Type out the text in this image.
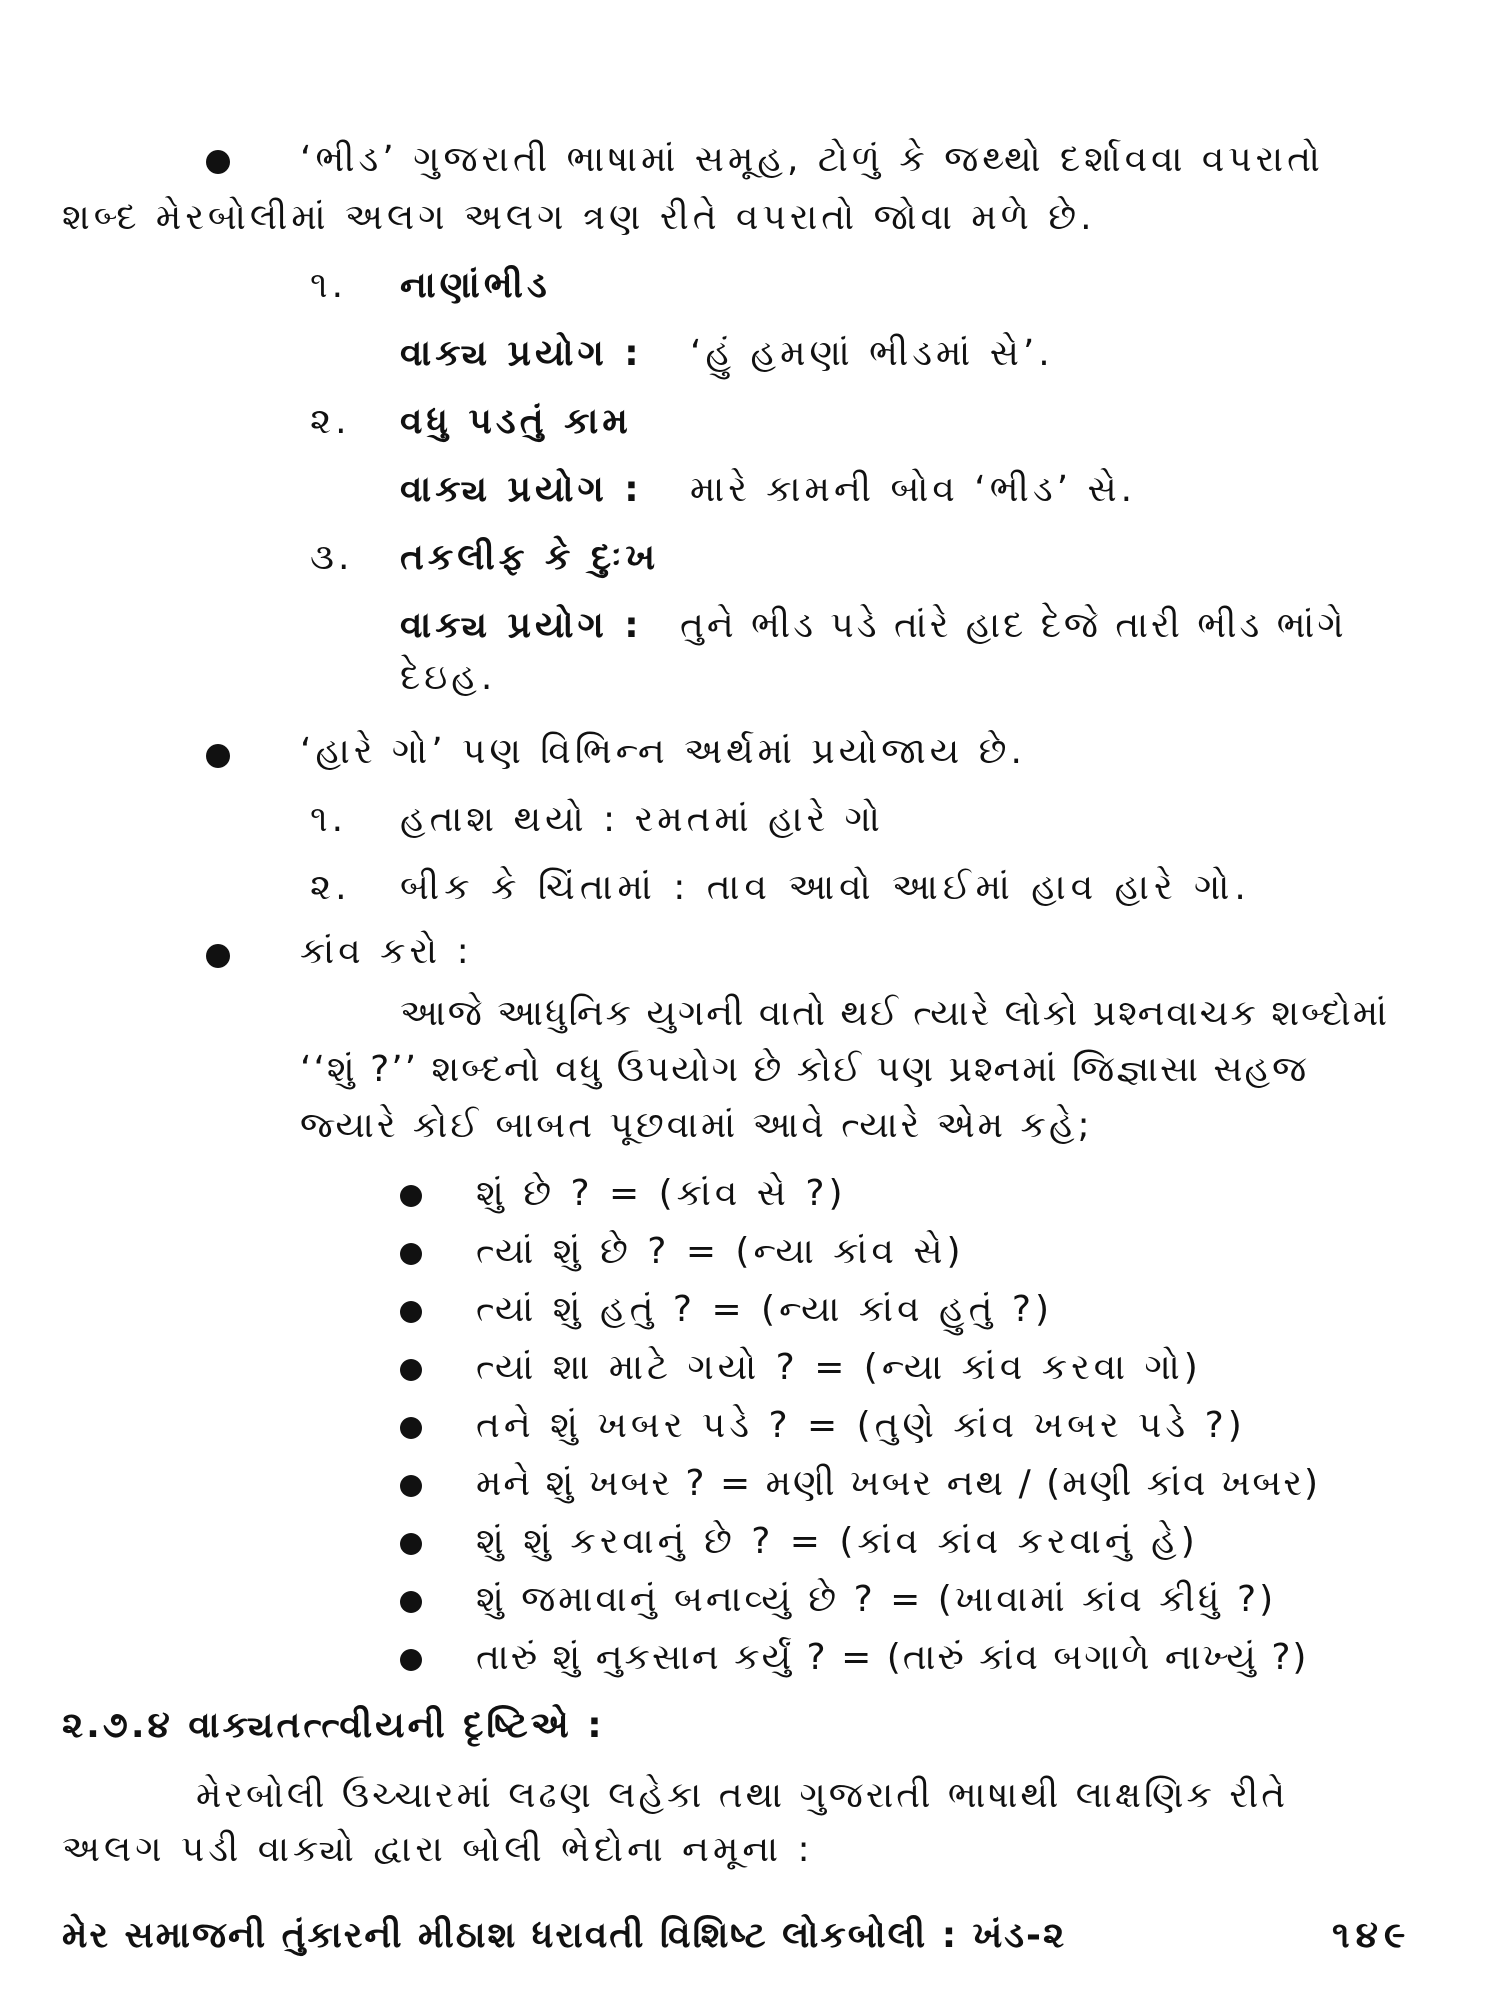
‘ભીડ’ ગુજરાતી ભાષામાં સમૂહ, ટોળું કે જથ્થો દર્શાવવા વપરાતો
શબ્દ મેરબોલીમાં અલગ અલગ ત્રણ રીતે વપરાતો જોવા મળે છે.
૧. નાણાંભીડ
વાક્ય પ્રયોગ : ‘હું હમણાં ભીડમાં સે’.
૨. વધુ પડતું કામ
વાક્ય પ્રયોગ : મારે કામની બોવ ‘ભીડ’ સે.
૩. તકલીફ કે દુઃખ
વાક્ય પ્રયોગ : તુને ભીડ પડે તાંરે હાદ દેજે તારી ભીડ ભાંગે
દેઇહ.
‘હારે ગો’ પણ વિભિન્ન અર્થમાં પ્રયોજાય છે.
૧. હતાશ થયો : રમતમાં હારે ગો
૨. બીક કે ચિંતામાં : તાવ આવો આઈમાં હાવ હારે ગો.
કાંવ કરો :
આજે આધુનિક યુગની વાતો થઈ ત્યારે લોકો પ્રશ્નવાચક શબ્દોમાં
‘‘શું ?’’ શબ્દનો વધુ ઉપયોગ છે કોઈ પણ પ્રશ્નમાં જિજ્ઞાસા સહજ
જ્યારે કોઈ બાબત પૂછવામાં આવે ત્યારે એમ કહે;
શું છે ? = (કાંવ સે ?)
ત્યાં શું છે ? = (ન્યા કાંવ સે)
ત્યાં શું હતું ? = (ન્યા કાંવ હુતું ?)
ત્યાં શા માટે ગયો ? = (ન્યા કાંવ કરવા ગો)
તને શું ખબર પડે ? = (તુણે કાંવ ખબર પડે ?)
મને શું ખબર ? = મણી ખબર નથ / (મણી કાંવ ખબર)
શું શું કરવાનું છે ? = (કાંવ કાંવ કરવાનું હે)
શું જમાવાનું બનાવ્યું છે ? = (ખાવામાં કાંવ કીધું ?)
તારું શું નુકસાન કર્યું ? = (તારું કાંવ બગાળે નાખ્યું ?)
૨.૭.૪ વાક્યતત્ત્વીયની દૃષ્ટિએ :
મેરબોલી ઉચ્ચારમાં લઢણ લહેકા તથા ગુજરાતી ભાષાથી લાક્ષણિક રીતે
અલગ પડી વાક્યો દ્વારા બોલી ભેદોના નમૂના :
મેર સમાજની તુંકારની મીઠાશ ધરાવતી વિશિષ્ટ લોકબોલી : ખંડ-૨	૧૪૯
